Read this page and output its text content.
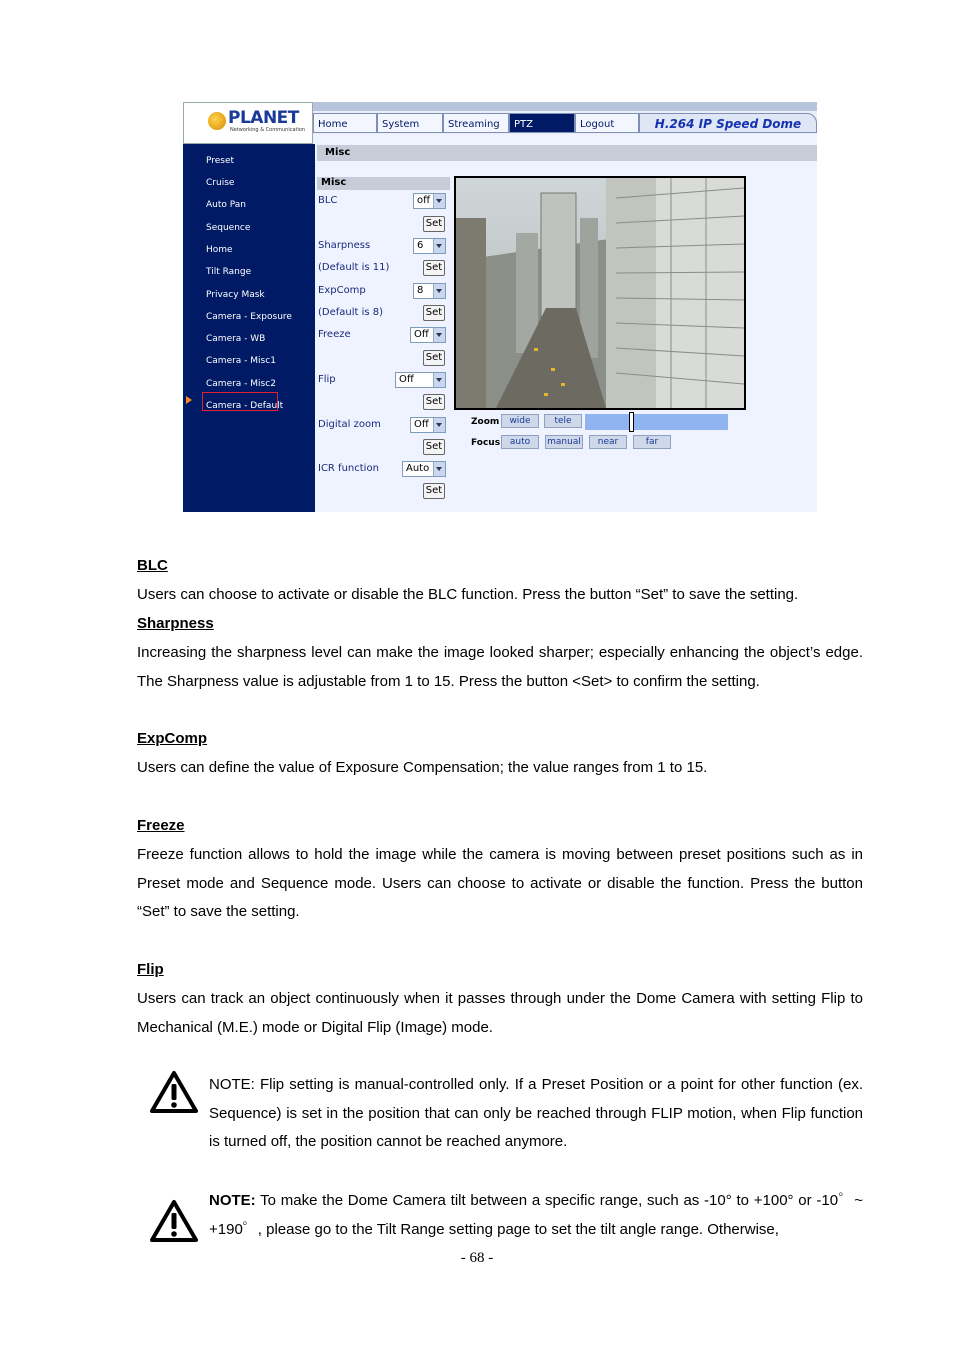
PLANET
Networking & Communication	Home	System	Streaming	PTZ	Logout	H.264 IP Speed Dome
Preset
Cruise
Auto Pan
Sequence
Home
Tilt Range
Privacy Mask
Camera - Exposure
Camera - WB
Camera - Misc1
Camera - Misc2
Camera - Default
Misc
Misc
BLC	off
Set
Sharpness	6
(Default is 11)	Set
ExpComp	8
(Default is 8)	Set
Freeze	Off
Set
Flip	Off
Set
Digital zoom	Off
Set
ICR function	Auto
Set
Zoom	wide	tele
Focus	auto	manual	near	far
BLC
Users can choose to activate or disable the BLC function. Press the button “Set” to save the setting.
Sharpness
Increasing the sharpness level can make the image looked sharper; especially enhancing the object’s edge. The Sharpness value is adjustable from 1 to 15. Press the button <Set> to confirm the setting.
ExpComp
Users can define the value of Exposure Compensation; the value ranges from 1 to 15.
Freeze
Freeze function allows to hold the image while the camera is moving between preset positions such as in Preset mode and Sequence mode. Users can choose to activate or disable the function. Press the button “Set” to save the setting.
Flip
Users can track an object continuously when it passes through under the Dome Camera with setting Flip to Mechanical (M.E.) mode or Digital Flip (Image) mode.
NOTE: Flip setting is manual-controlled only. If a Preset Position or a point for other function (ex. Sequence) is set in the position that can only be reached through FLIP motion, when Flip function is turned off, the position cannot be reached anymore.
NOTE: To make the Dome Camera tilt between a specific range, such as -10° to +100° or -10゜~ +190゜, please go to the Tilt Range setting page to set the tilt angle range. Otherwise,
- 68 -
